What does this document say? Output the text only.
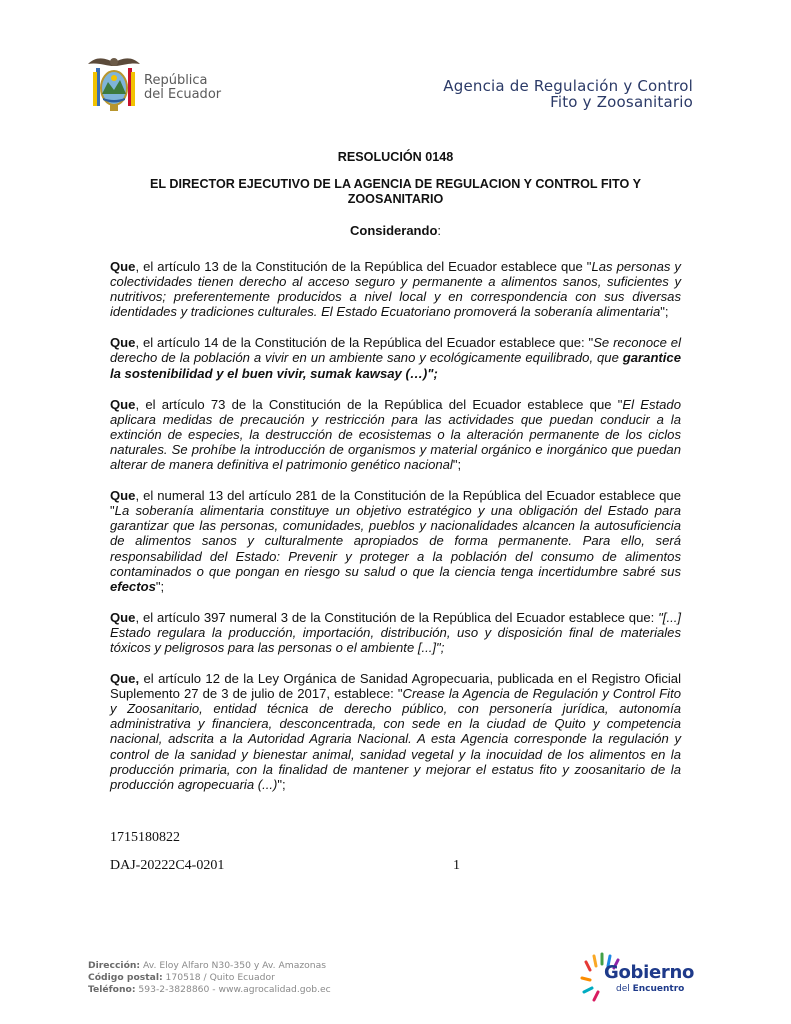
República
del Ecuador	Agencia de Regulación y Control
Fito y Zoosanitario
RESOLUCIÓN 0148
EL DIRECTOR EJECUTIVO DE LA AGENCIA DE REGULACION Y CONTROL FITO Y ZOOSANITARIO
Considerando:

Que, el artículo 13 de la Constitución de la República del Ecuador establece que "Las personas y colectividades tienen derecho al acceso seguro y permanente a alimentos sanos, suficientes y nutritivos; preferentemente producidos a nivel local y en correspondencia con sus diversas identidades y tradiciones culturales. El Estado Ecuatoriano promoverá la soberanía alimentaria";

Que, el artículo 14 de la Constitución de la República del Ecuador establece que: "Se reconoce el derecho de la población a vivir en un ambiente sano y ecológicamente equilibrado, que garantice la sostenibilidad y el buen vivir, sumak kawsay (…)";

Que, el artículo 73 de la Constitución de la República del Ecuador establece que "El Estado aplicara medidas de precaución y restricción para las actividades que puedan conducir a la extinción de especies, la destrucción de ecosistemas o la alteración permanente de los ciclos naturales. Se prohíbe la introducción de organismos y material orgánico e inorgánico que puedan alterar de manera definitiva el patrimonio genético nacional";

Que, el numeral 13 del artículo 281 de la Constitución de la República del Ecuador establece que "La soberanía alimentaria constituye un objetivo estratégico y una obligación del Estado para garantizar que las personas, comunidades, pueblos y nacionalidades alcancen la autosuficiencia de alimentos sanos y culturalmente apropiados de forma permanente. Para ello, será responsabilidad del Estado: Prevenir y proteger a la población del consumo de alimentos contaminados o que pongan en riesgo su salud o que la ciencia tenga incertidumbre sabré sus efectos";

Que, el artículo 397 numeral 3 de la Constitución de la República del Ecuador establece que: "[...] Estado regulara la producción, importación, distribución, uso y disposición final de materiales tóxicos y peligrosos para las personas o el ambiente [...]";

Que, el artículo 12 de la Ley Orgánica de Sanidad Agropecuaria, publicada en el Registro Oficial Suplemento 27 de 3 de julio de 2017, establece: "Crease la Agencia de Regulación y Control Fito y Zoosanitario, entidad técnica de derecho público, con personería jurídica, autonomía administrativa y financiera, desconcentrada, con sede en la ciudad de Quito y competencia nacional, adscrita a la Autoridad Agraria Nacional. A esta Agencia corresponde la regulación y control de la sanidad y bienestar animal, sanidad vegetal y la inocuidad de los alimentos en la producción primaria, con la finalidad de mantener y mejorar el estatus fito y zoosanitario de la producción agropecuaria (...)";

1715180822
DAJ-20222C4-0201	1
Dirección: Av. Eloy Alfaro N30-350 y Av. Amazonas
Código postal: 170518 / Quito Ecuador
Teléfono: 593-2-3828860 - www.agrocalidad.gob.ec
Gobierno
del Encuentro
